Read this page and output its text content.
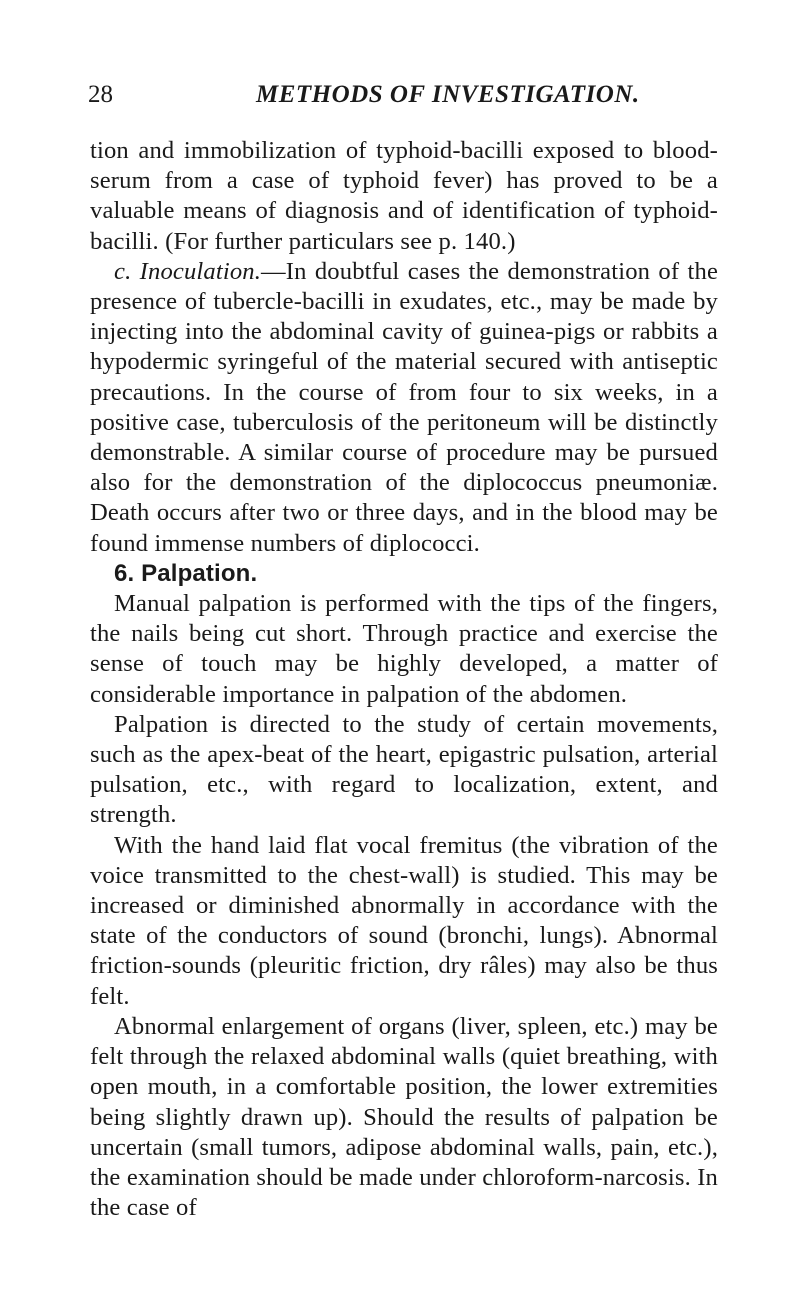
28	METHODS OF INVESTIGATION.

tion and immobilization of typhoid-bacilli exposed to blood-serum from a case of typhoid fever) has proved to be a valuable means of diagnosis and of identification of typhoid-bacilli. (For further particulars see p. 140.)

c. Inoculation.—In doubtful cases the demonstration of the presence of tubercle-bacilli in exudates, etc., may be made by injecting into the abdominal cavity of guinea-pigs or rabbits a hypodermic syringeful of the material secured with antiseptic precautions. In the course of from four to six weeks, in a positive case, tuberculosis of the peritoneum will be distinctly demonstrable. A similar course of procedure may be pursued also for the demonstration of the diplococcus pneumoniæ. Death occurs after two or three days, and in the blood may be found immense numbers of diplococci.

6. Palpation.

Manual palpation is performed with the tips of the fingers, the nails being cut short. Through practice and exercise the sense of touch may be highly developed, a matter of considerable importance in palpation of the abdomen.

Palpation is directed to the study of certain movements, such as the apex-beat of the heart, epigastric pulsation, arterial pulsation, etc., with regard to localization, extent, and strength.

With the hand laid flat vocal fremitus (the vibration of the voice transmitted to the chest-wall) is studied. This may be increased or diminished abnormally in accordance with the state of the conductors of sound (bronchi, lungs). Abnormal friction-sounds (pleuritic friction, dry râles) may also be thus felt.

Abnormal enlargement of organs (liver, spleen, etc.) may be felt through the relaxed abdominal walls (quiet breathing, with open mouth, in a comfortable position, the lower extremities being slightly drawn up). Should the results of palpation be uncertain (small tumors, adipose abdominal walls, pain, etc.), the examination should be made under chloroform-narcosis. In the case of
